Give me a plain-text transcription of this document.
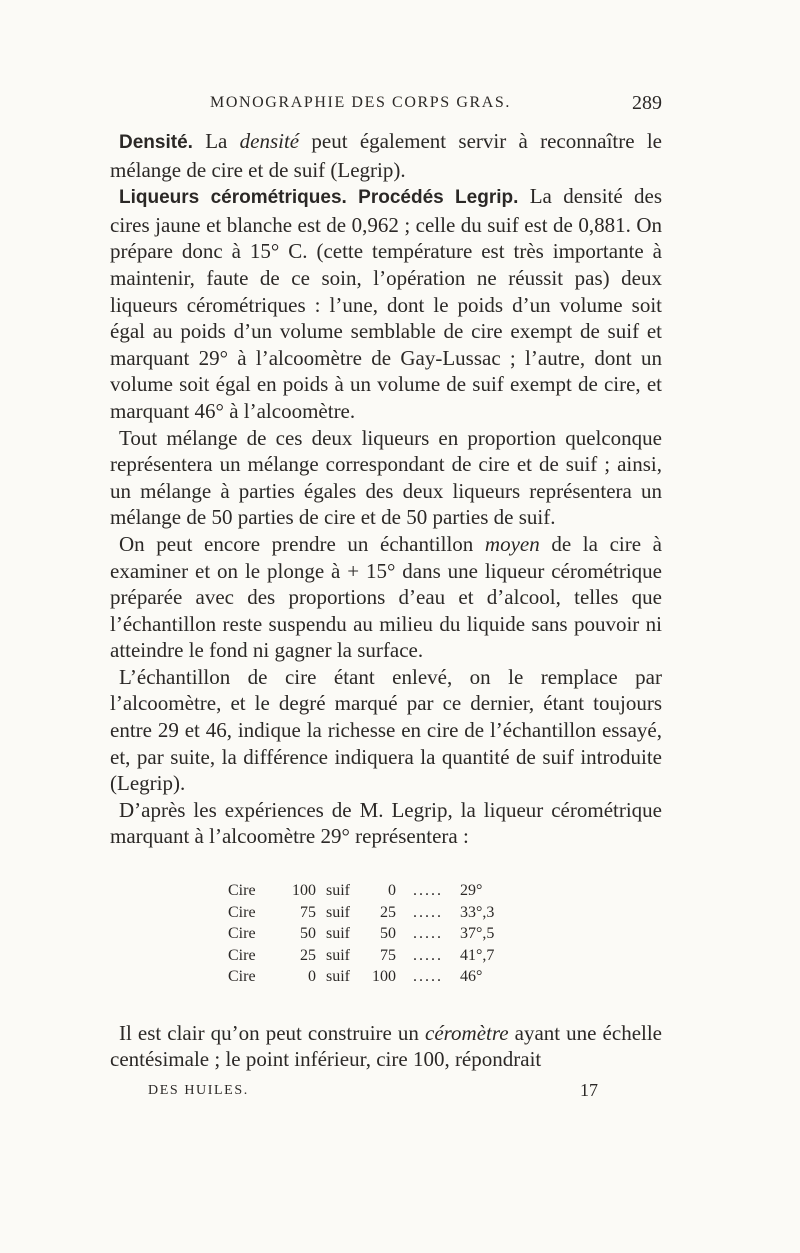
MONOGRAPHIE DES CORPS GRAS.	289

Densité. La densité peut également servir à reconnaître le mélange de cire et de suif (Legrip).

Liqueurs cérométriques. Procédés Legrip. La densité des cires jaune et blanche est de 0,962 ; celle du suif est de 0,881. On prépare donc à 15° C. (cette température est très importante à maintenir, faute de ce soin, l’opération ne réussit pas) deux liqueurs cérométriques : l’une, dont le poids d’un volume soit égal au poids d’un volume semblable de cire exempt de suif et marquant 29° à l’alcoomètre de Gay-Lussac ; l’autre, dont un volume soit égal en poids à un volume de suif exempt de cire, et marquant 46° à l’alcoomètre.

Tout mélange de ces deux liqueurs en proportion quelconque représentera un mélange correspondant de cire et de suif ; ainsi, un mélange à parties égales des deux liqueurs représentera un mélange de 50 parties de cire et de 50 parties de suif.

On peut encore prendre un échantillon moyen de la cire à examiner et on le plonge à + 15° dans une liqueur cérométrique préparée avec des proportions d’eau et d’alcool, telles que l’échantillon reste suspendu au milieu du liquide sans pouvoir ni atteindre le fond ni gagner la surface.

L’échantillon de cire étant enlevé, on le remplace par l’alcoomètre, et le degré marqué par ce dernier, étant toujours entre 29 et 46, indique la richesse en cire de l’échantillon essayé, et, par suite, la différence indiquera la quantité de suif introduite (Legrip).

D’après les expériences de M. Legrip, la liqueur cérométrique marquant à l’alcoomètre 29° représentera :

Cire	100	suif	0	.....	29°
Cire	75	suif	25	.....	33°,3
Cire	50	suif	50	.....	37°,5
Cire	25	suif	75	.....	41°,7
Cire	0	suif	100	.....	46°

Il est clair qu’on peut construire un céromètre ayant une échelle centésimale ; le point inférieur, cire 100, répondrait

DES HUILES.	17
